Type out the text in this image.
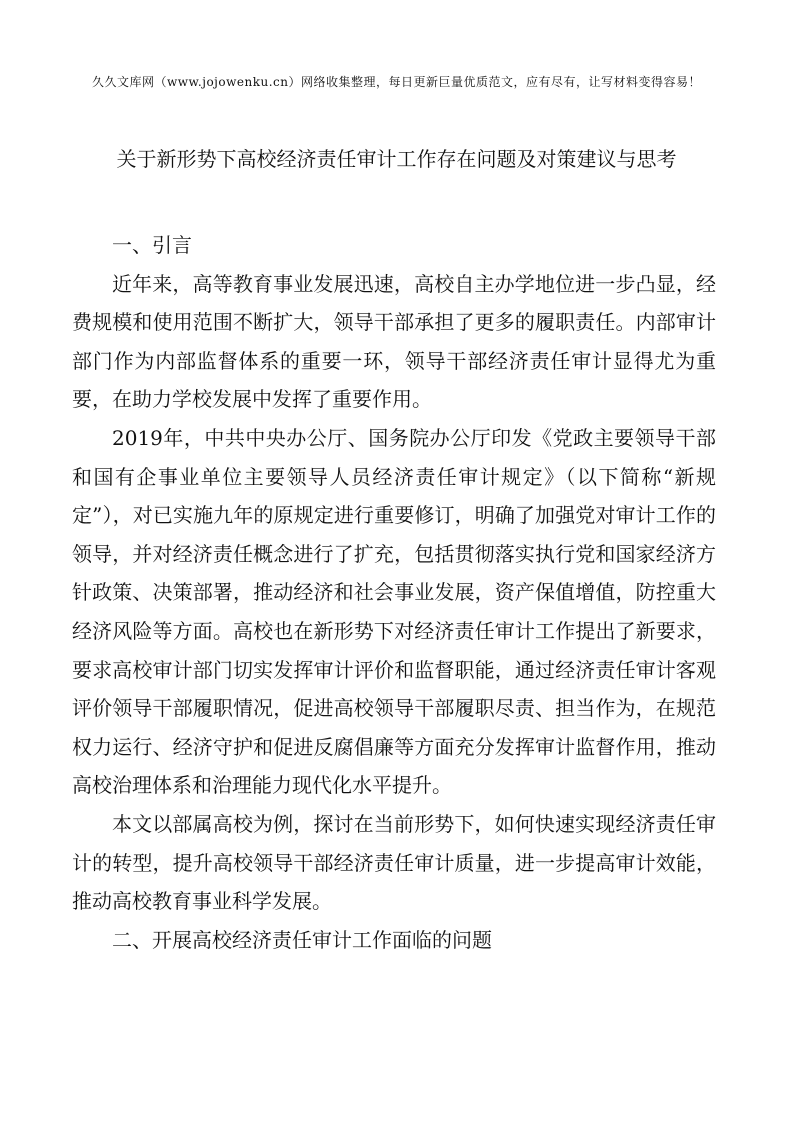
久久文库网（www.jojowenku.cn）网络收集整理，每日更新巨量优质范文，应有尽有，让写材料变得容易！
关于新形势下高校经济责任审计工作存在问题及对策建议与思考

一、引言

近年来，高等教育事业发展迅速，高校自主办学地位进一步凸显，经费规模和使用范围不断扩大，领导干部承担了更多的履职责任。内部审计部门作为内部监督体系的重要一环，领导干部经济责任审计显得尤为重要，在助力学校发展中发挥了重要作用。

2019年，中共中央办公厅、国务院办公厅印发《党政主要领导干部和国有企事业单位主要领导人员经济责任审计规定》（以下简称“新规定”），对已实施九年的原规定进行重要修订，明确了加强党对审计工作的领导，并对经济责任概念进行了扩充，包括贯彻落实执行党和国家经济方针政策、决策部署，推动经济和社会事业发展，资产保值增值，防控重大经济风险等方面。高校也在新形势下对经济责任审计工作提出了新要求，要求高校审计部门切实发挥审计评价和监督职能，通过经济责任审计客观评价领导干部履职情况，促进高校领导干部履职尽责、担当作为，在规范权力运行、经济守护和促进反腐倡廉等方面充分发挥审计监督作用，推动高校治理体系和治理能力现代化水平提升。

本文以部属高校为例，探讨在当前形势下，如何快速实现经济责任审计的转型，提升高校领导干部经济责任审计质量，进一步提高审计效能，推动高校教育事业科学发展。

二、开展高校经济责任审计工作面临的问题
